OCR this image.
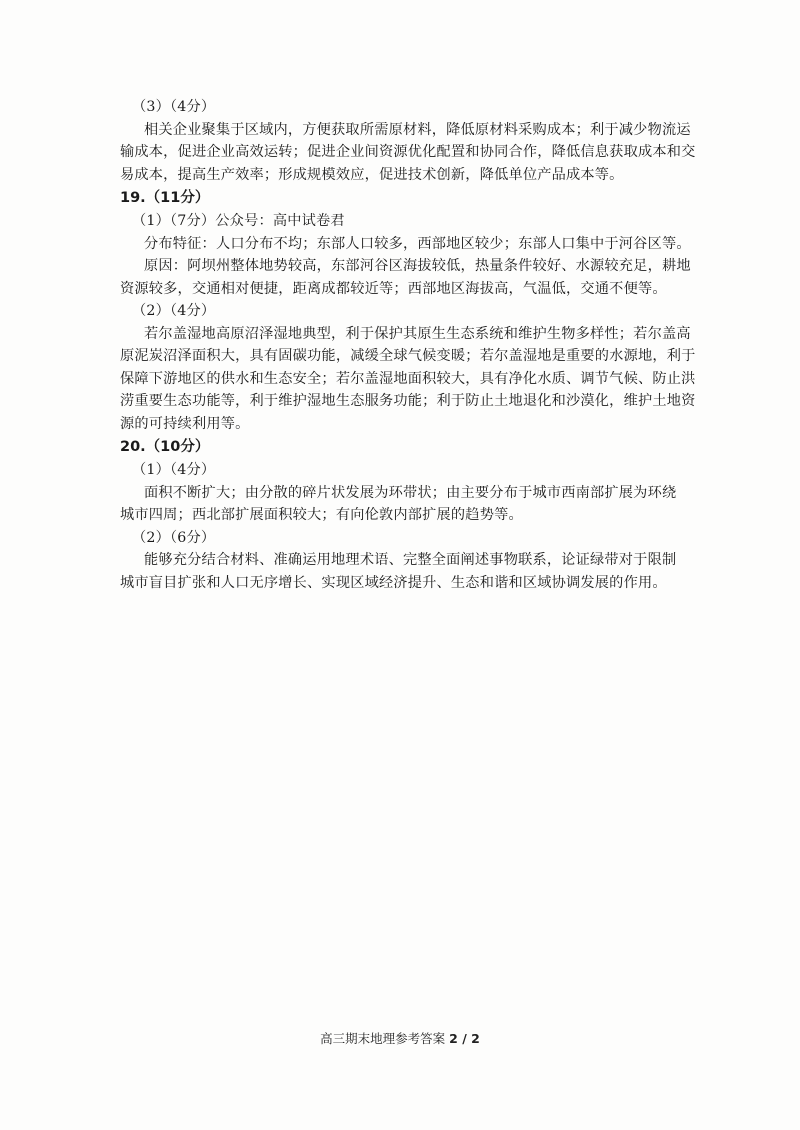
（3）（4分）
相关企业聚集于区域内，方便获取所需原材料，降低原材料采购成本；利于减少物流运
输成本，促进企业高效运转；促进企业间资源优化配置和协同合作，降低信息获取成本和交
易成本，提高生产效率；形成规模效应，促进技术创新，降低单位产品成本等。
19.（11分）
（1）（7分）公众号：高中试卷君
分布特征：人口分布不均；东部人口较多，西部地区较少；东部人口集中于河谷区等。
原因：阿坝州整体地势较高，东部河谷区海拔较低，热量条件较好、水源较充足，耕地
资源较多，交通相对便捷，距离成都较近等；西部地区海拔高，气温低，交通不便等。
（2）（4分）
若尔盖湿地高原沼泽湿地典型，利于保护其原生生态系统和维护生物多样性；若尔盖高
原泥炭沼泽面积大，具有固碳功能，减缓全球气候变暖；若尔盖湿地是重要的水源地，利于
保障下游地区的供水和生态安全；若尔盖湿地面积较大，具有净化水质、调节气候、防止洪
涝重要生态功能等，利于维护湿地生态服务功能；利于防止土地退化和沙漠化，维护土地资
源的可持续利用等。
20.（10分）
（1）（4分）
面积不断扩大；由分散的碎片状发展为环带状；由主要分布于城市西南部扩展为环绕
城市四周；西北部扩展面积较大；有向伦敦内部扩展的趋势等。
（2）（6分）
能够充分结合材料、准确运用地理术语、完整全面阐述事物联系，论证绿带对于限制
城市盲目扩张和人口无序增长、实现区域经济提升、生态和谐和区域协调发展的作用。
高三期末地理参考答案 2 / 2
